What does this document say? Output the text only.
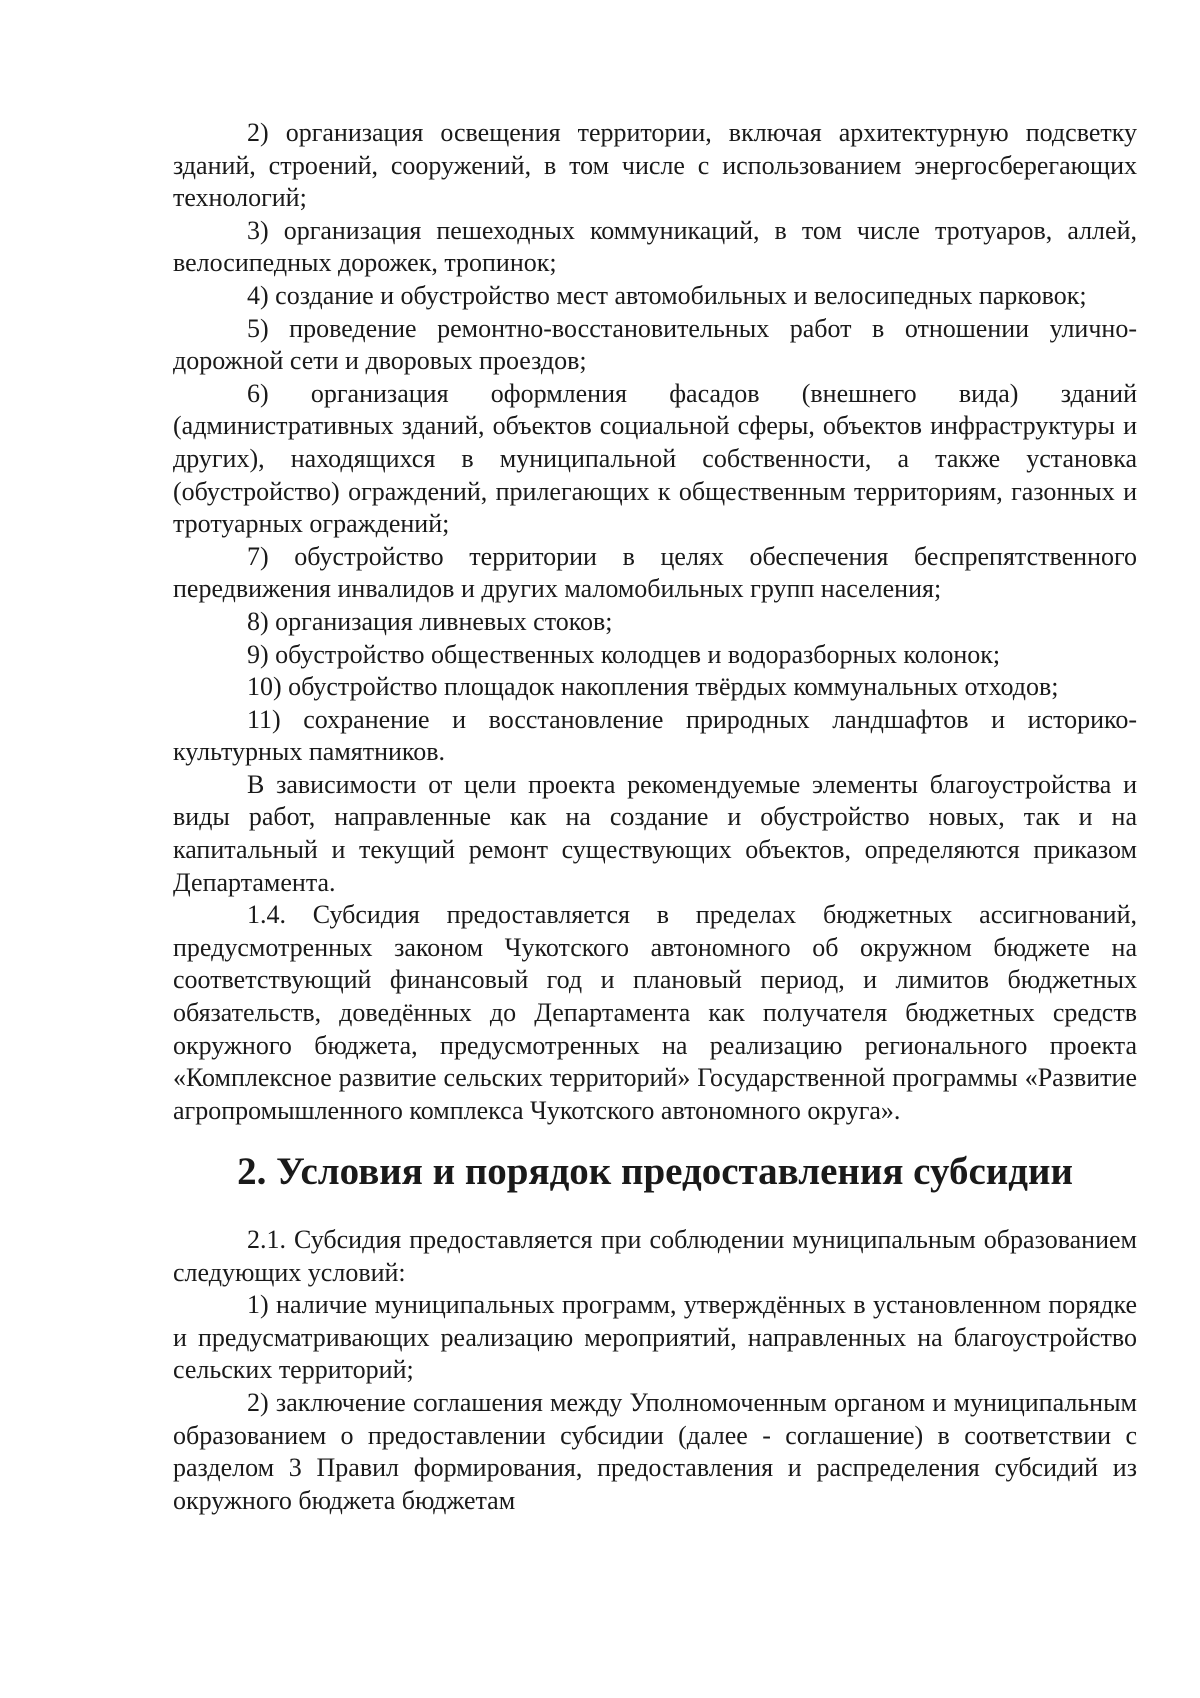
2) организация освещения территории, включая архитектурную подсветку зданий, строений, сооружений, в том числе с использованием энергосберегающих технологий;

3) организация пешеходных коммуникаций, в том числе тротуаров, аллей, велосипедных дорожек, тропинок;

4) создание и обустройство мест автомобильных и велосипедных парковок;

5) проведение ремонтно-восстановительных работ в отношении улично-дорожной сети и дворовых проездов;

6) организация оформления фасадов (внешнего вида) зданий (административных зданий, объектов социальной сферы, объектов инфраструктуры и других), находящихся в муниципальной собственности, а также установка (обустройство) ограждений, прилегающих к общественным территориям, газонных и тротуарных ограждений;

7) обустройство территории в целях обеспечения беспрепятственного передвижения инвалидов и других маломобильных групп населения;

8) организация ливневых стоков;

9) обустройство общественных колодцев и водоразборных колонок;

10) обустройство площадок накопления твёрдых коммунальных отходов;

11) сохранение и восстановление природных ландшафтов и историко-культурных памятников.

В зависимости от цели проекта рекомендуемые элементы благоустройства и виды работ, направленные как на создание и обустройство новых, так и на капитальный и текущий ремонт существующих объектов, определяются приказом Департамента.

1.4. Субсидия предоставляется в пределах бюджетных ассигнований, предусмотренных законом Чукотского автономного об окружном бюджете на соответствующий финансовый год и плановый период, и лимитов бюджетных обязательств, доведённых до Департамента как получателя бюджетных средств окружного бюджета, предусмотренных на реализацию регионального проекта «Комплексное развитие сельских территорий» Государственной программы «Развитие агропромышленного комплекса Чукотского автономного округа».

2. Условия и порядок предоставления субсидии

2.1. Субсидия предоставляется при соблюдении муниципальным образованием следующих условий:

1) наличие муниципальных программ, утверждённых в установленном порядке и предусматривающих реализацию мероприятий, направленных на благоустройство сельских территорий;

2) заключение соглашения между Уполномоченным органом и муниципальным образованием о предоставлении субсидии (далее - соглашение) в соответствии с разделом 3 Правил формирования, предоставления и распределения субсидий из окружного бюджета бюджетам
